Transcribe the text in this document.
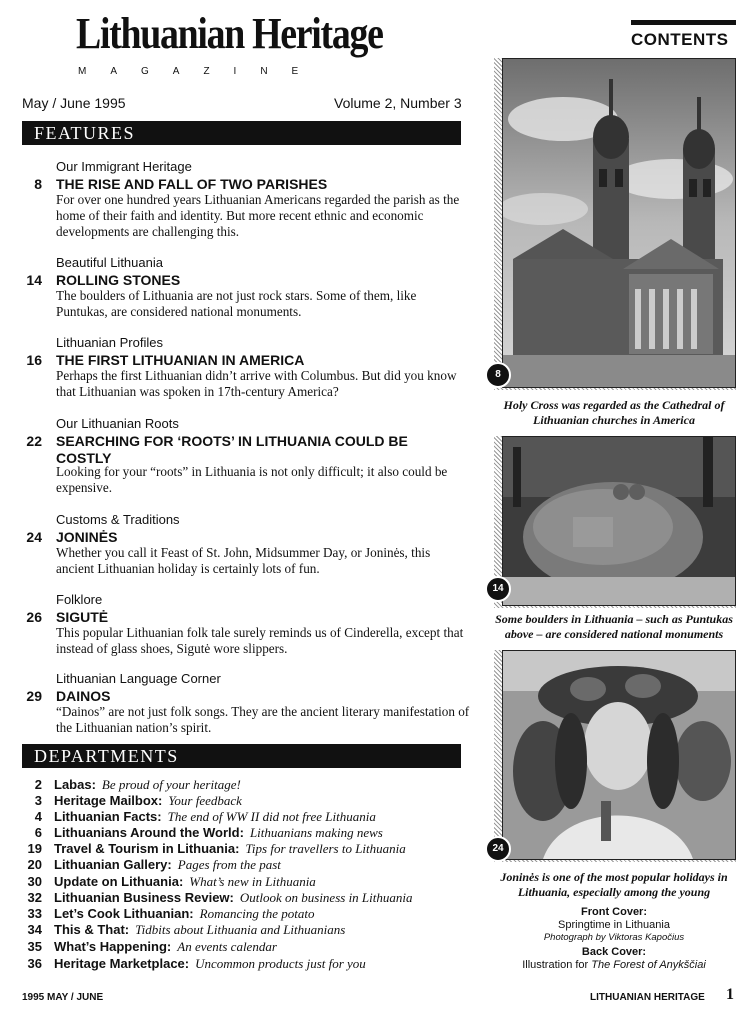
Lithuanian Heritage
MAGAZINE
May / June 1995	Volume 2, Number 3
FEATURES
Our Immigrant Heritage
8 THE RISE AND FALL OF TWO PARISHES
For over one hundred years Lithuanian Americans regarded the parish as the home of their faith and identity. But more recent ethnic and economic developments are challenging this.
Beautiful Lithuania
14 ROLLING STONES
The boulders of Lithuania are not just rock stars. Some of them, like Puntukas, are considered national monuments.
Lithuanian Profiles
16 THE FIRST LITHUANIAN IN AMERICA
Perhaps the first Lithuanian didn’t arrive with Columbus. But did you know that Lithuanian was spoken in 17th-century America?
Our Lithuanian Roots
22 SEARCHING FOR ‘ROOTS’ IN LITHUANIA COULD BE COSTLY
Looking for your “roots” in Lithuania is not only difficult; it also could be expensive.
Customs & Traditions
24 JONINĖS
Whether you call it Feast of St. John, Midsummer Day, or Joninės, this ancient Lithuanian holiday is certainly lots of fun.
Folklore
26 SIGUTĖ
This popular Lithuanian folk tale surely reminds us of Cinderella, except that instead of glass shoes, Sigutė wore slippers.
Lithuanian Language Corner
29 DAINOS
“Dainos” are not just folk songs. They are the ancient literary manifestation of the Lithuanian nation’s spirit.
DEPARTMENTS
2 Labas: Be proud of your heritage!
3 Heritage Mailbox: Your feedback
4 Lithuanian Facts: The end of WW II did not free Lithuania
6 Lithuanians Around the World: Lithuanians making news
19 Travel & Tourism in Lithuania: Tips for travellers to Lithuania
20 Lithuanian Gallery: Pages from the past
30 Update on Lithuania: What’s new in Lithuania
32 Lithuanian Business Review: Outlook on business in Lithuania
33 Let’s Cook Lithuanian: Romancing the potato
34 This & That: Tidbits about Lithuania and Lithuanians
35 What’s Happening: An events calendar
36 Heritage Marketplace: Uncommon products just for you
CONTENTS
8
Holy Cross was regarded as the Cathedral of Lithuanian churches in America
14
Some boulders in Lithuania – such as Puntukas above – are considered national monuments
24
Joninės is one of the most popular holidays in Lithuania, especially among the young
Front Cover:
Springtime in Lithuania
Photograph by Viktoras Kapočius
Back Cover:
Illustration for The Forest of Anykščiai
1995 MAY / JUNE	LITHUANIAN HERITAGE 1
